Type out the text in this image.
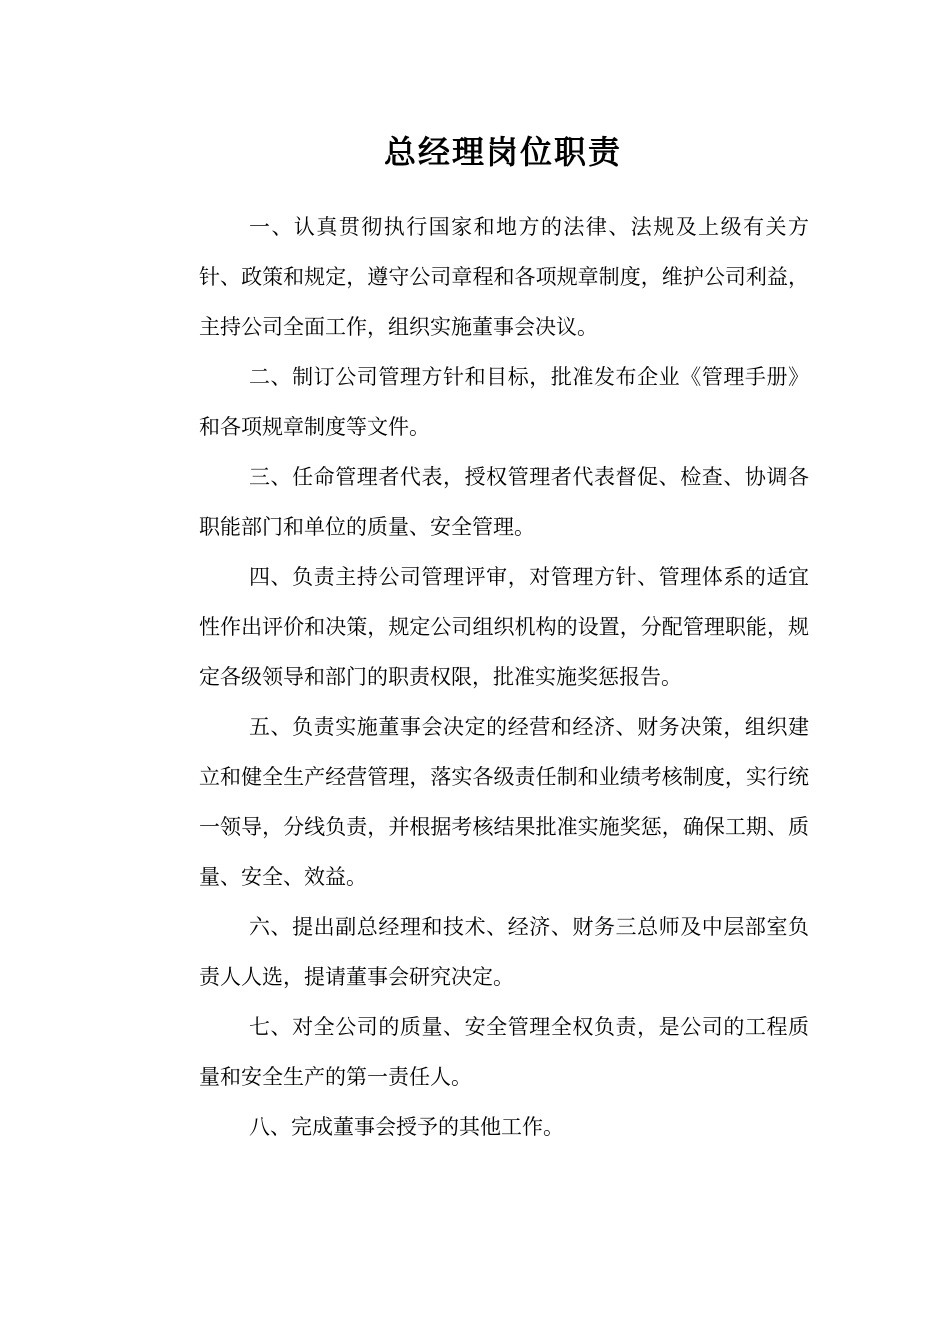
总经理岗位职责

一、认真贯彻执行国家和地方的法律、法规及上级有关方针、政策和规定，遵守公司章程和各项规章制度，维护公司利益，主持公司全面工作，组织实施董事会决议。

二、制订公司管理方针和目标，批准发布企业《管理手册》和各项规章制度等文件。

三、任命管理者代表，授权管理者代表督促、检查、协调各职能部门和单位的质量、安全管理。

四、负责主持公司管理评审，对管理方针、管理体系的适宜性作出评价和决策，规定公司组织机构的设置，分配管理职能，规定各级领导和部门的职责权限，批准实施奖惩报告。

五、负责实施董事会决定的经营和经济、财务决策，组织建立和健全生产经营管理，落实各级责任制和业绩考核制度，实行统一领导，分线负责，并根据考核结果批准实施奖惩，确保工期、质量、安全、效益。

六、提出副总经理和技术、经济、财务三总师及中层部室负责人人选，提请董事会研究决定。

七、对全公司的质量、安全管理全权负责，是公司的工程质量和安全生产的第一责任人。

八、完成董事会授予的其他工作。
